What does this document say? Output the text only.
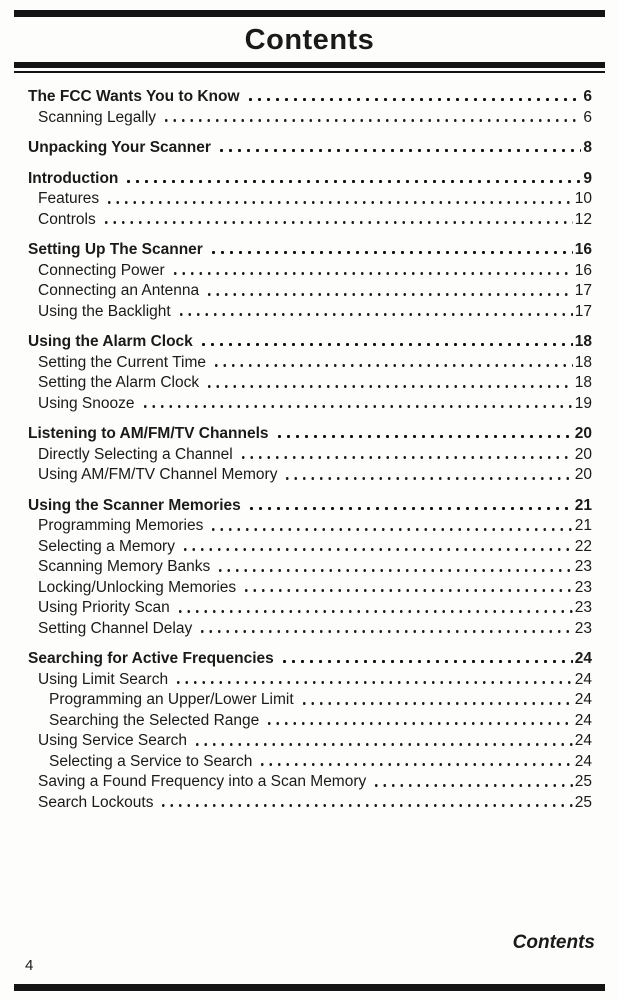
Contents
The FCC Wants You to Know	6
Scanning Legally	6
Unpacking Your Scanner	8
Introduction	9
Features	10
Controls	12
Setting Up The Scanner	16
Connecting Power	16
Connecting an Antenna	17
Using the Backlight	17
Using the Alarm Clock	18
Setting the Current Time	18
Setting the Alarm Clock	18
Using Snooze	19
Listening to AM/FM/TV Channels	20
Directly Selecting a Channel	20
Using AM/FM/TV Channel Memory	20
Using the Scanner Memories	21
Programming Memories	21
Selecting a Memory	22
Scanning Memory Banks	23
Locking/Unlocking Memories	23
Using Priority Scan	23
Setting Channel Delay	23
Searching for Active Frequencies	24
Using Limit Search	24
Programming an Upper/Lower Limit	24
Searching the Selected Range	24
Using Service Search	24
Selecting a Service to Search	24
Saving a Found Frequency into a Scan Memory	25
Search Lockouts	25
Contents
4
